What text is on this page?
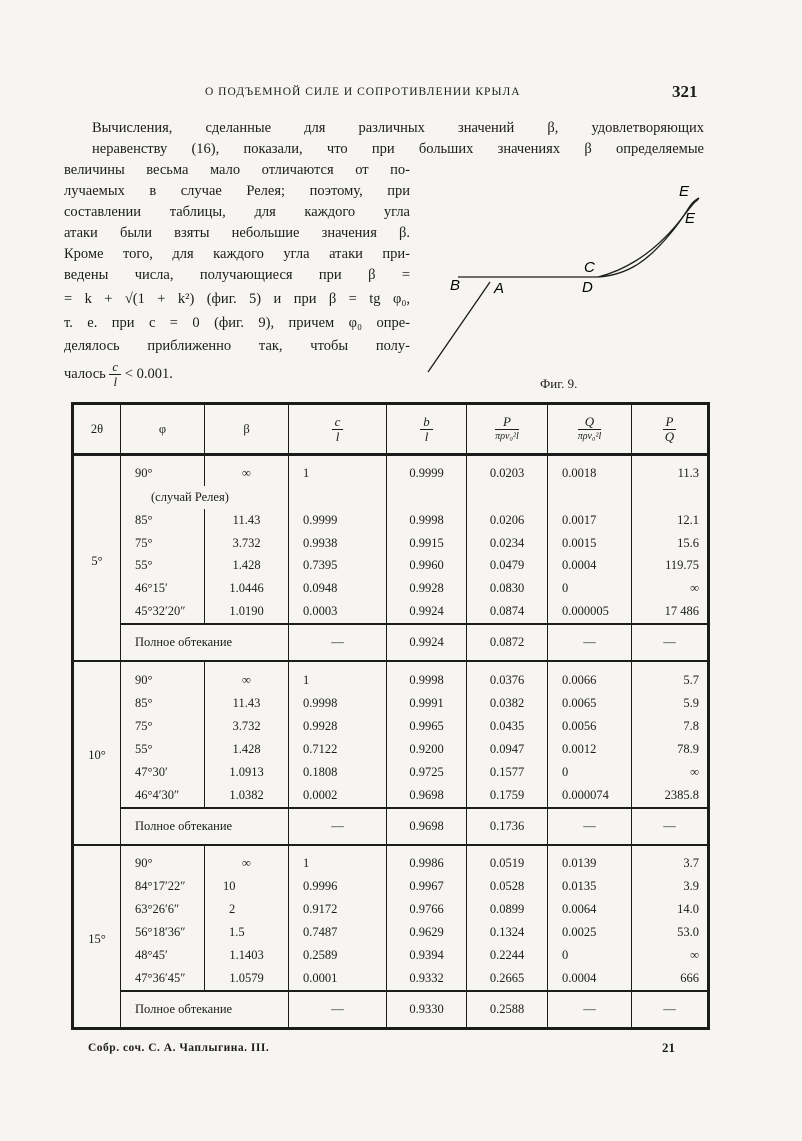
О ПОДЪЕМНОЙ СИЛЕ И СОПРОТИВЛЕНИИ КРЫЛА	321
Вычисления, сделанные для различных значений β, удовлетворяющих
неравенству (16), показали, что при больших значениях β определяемые
величины весьма мало отличаются от по-
лучаемых в случае Релея; поэтому, при
составлении таблицы, для каждого угла
атаки были взяты небольшие значения β.
Кроме того, для каждого угла атаки при-
ведены числа, получающиеся при β =
= k + √(1 + k²) (фиг. 5) и при β = tg φ₀,
т. е. при c = 0 (фиг. 9), причем φ₀ опре-
делялось приближенно так, чтобы полу-
чалось $\frac{c}{l} < 0.001$.
B A
C
D
E
E
Фиг. 9.
2θ	φ	β	$\frac{c}{l}$	$\frac{b}{l}$	$\frac{P}{\text{πρv₀²l}}$	$\frac{Q}{\text{πρv₀²l}}$	$\frac{P}{Q}$

5°	90°	∞	1	0.9999	0.0203	0.0018	11.3
	(случай Релея)						
	85°	11.43	0.9999	0.9998	0.0206	0.0017	12.1
	75°	3.732	0.9938	0.9915	0.0234	0.0015	15.6
	55°	1.428	0.7395	0.9960	0.0479	0.0004	119.75
	46°15′	1.0446	0.0948	0.9928	0.0830	0	∞
	45°32′20″	1.0190	0.0003	0.9924	0.0874	0.000005	17 486
	Полное обтекание		—	0.9924	0.0872	—	—
10°	90°	∞	1	0.9998	0.0376	0.0066	5.7
	85°	11.43	0.9998	0.9991	0.0382	0.0065	5.9
	75°	3.732	0.9928	0.9965	0.0435	0.0056	7.8
	55°	1.428	0.7122	0.9200	0.0947	0.0012	78.9
	47°30′	1.0913	0.1808	0.9725	0.1577	0	∞
	46°4′30″	1.0382	0.0002	0.9698	0.1759	0.000074	2385.8
	Полное обтекание		—	0.9698	0.1736	—	—
15°	90°	∞	1	0.9986	0.0519	0.0139	3.7
	84°17′22″	10	0.9996	0.9967	0.0528	0.0135	3.9
	63°26′6″	2	0.9172	0.9766	0.0899	0.0064	14.0
	56°18′36″	1.5	0.7487	0.9629	0.1324	0.0025	53.0
	48°45′	1.1403	0.2589	0.9394	0.2244	0	∞
	47°36′45″	1.0579	0.0001	0.9332	0.2665	0.0004	666
	Полное обтекание		—	0.9330	0.2588	—	—
Собр. соч. С. А. Чаплыгина. III.	21
